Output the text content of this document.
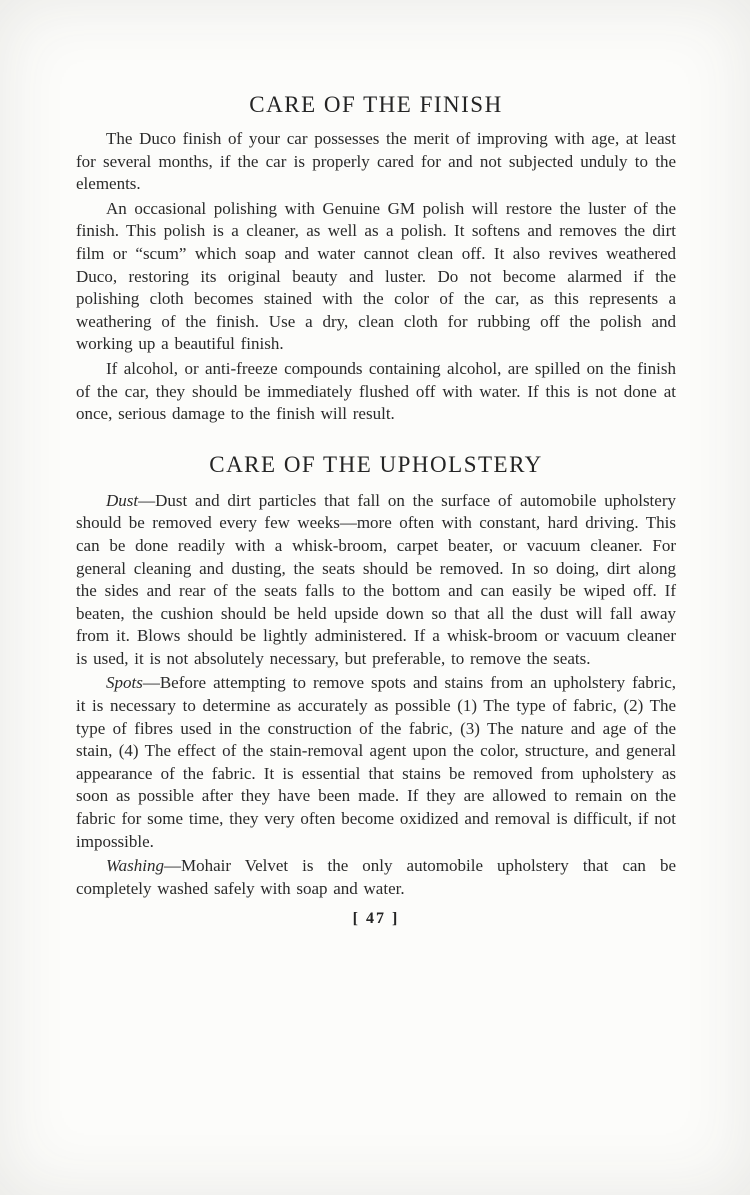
CARE OF THE FINISH

The Duco finish of your car possesses the merit of improving with age, at least for several months, if the car is properly cared for and not subjected unduly to the elements.

An occasional polishing with Genuine GM polish will restore the luster of the finish. This polish is a cleaner, as well as a polish. It softens and removes the dirt film or “scum” which soap and water cannot clean off. It also revives weathered Duco, restoring its original beauty and luster. Do not become alarmed if the polishing cloth becomes stained with the color of the car, as this represents a weathering of the finish. Use a dry, clean cloth for rubbing off the polish and working up a beautiful finish.

If alcohol, or anti-freeze compounds containing alcohol, are spilled on the finish of the car, they should be immediately flushed off with water. If this is not done at once, serious damage to the finish will result.

CARE OF THE UPHOLSTERY

Dust—Dust and dirt particles that fall on the surface of automobile upholstery should be removed every few weeks—more often with constant, hard driving. This can be done readily with a whisk-broom, carpet beater, or vacuum cleaner. For general cleaning and dusting, the seats should be removed. In so doing, dirt along the sides and rear of the seats falls to the bottom and can easily be wiped off. If beaten, the cushion should be held upside down so that all the dust will fall away from it. Blows should be lightly administered. If a whisk-broom or vacuum cleaner is used, it is not absolutely necessary, but preferable, to remove the seats.

Spots—Before attempting to remove spots and stains from an upholstery fabric, it is necessary to determine as accurately as possible (1) The type of fabric, (2) The type of fibres used in the construction of the fabric, (3) The nature and age of the stain, (4) The effect of the stain-removal agent upon the color, structure, and general appearance of the fabric. It is essential that stains be removed from upholstery as soon as possible after they have been made. If they are allowed to remain on the fabric for some time, they very often become oxidized and removal is difficult, if not impossible.

Washing—Mohair Velvet is the only automobile upholstery that can be completely washed safely with soap and water.

[ 47 ]
